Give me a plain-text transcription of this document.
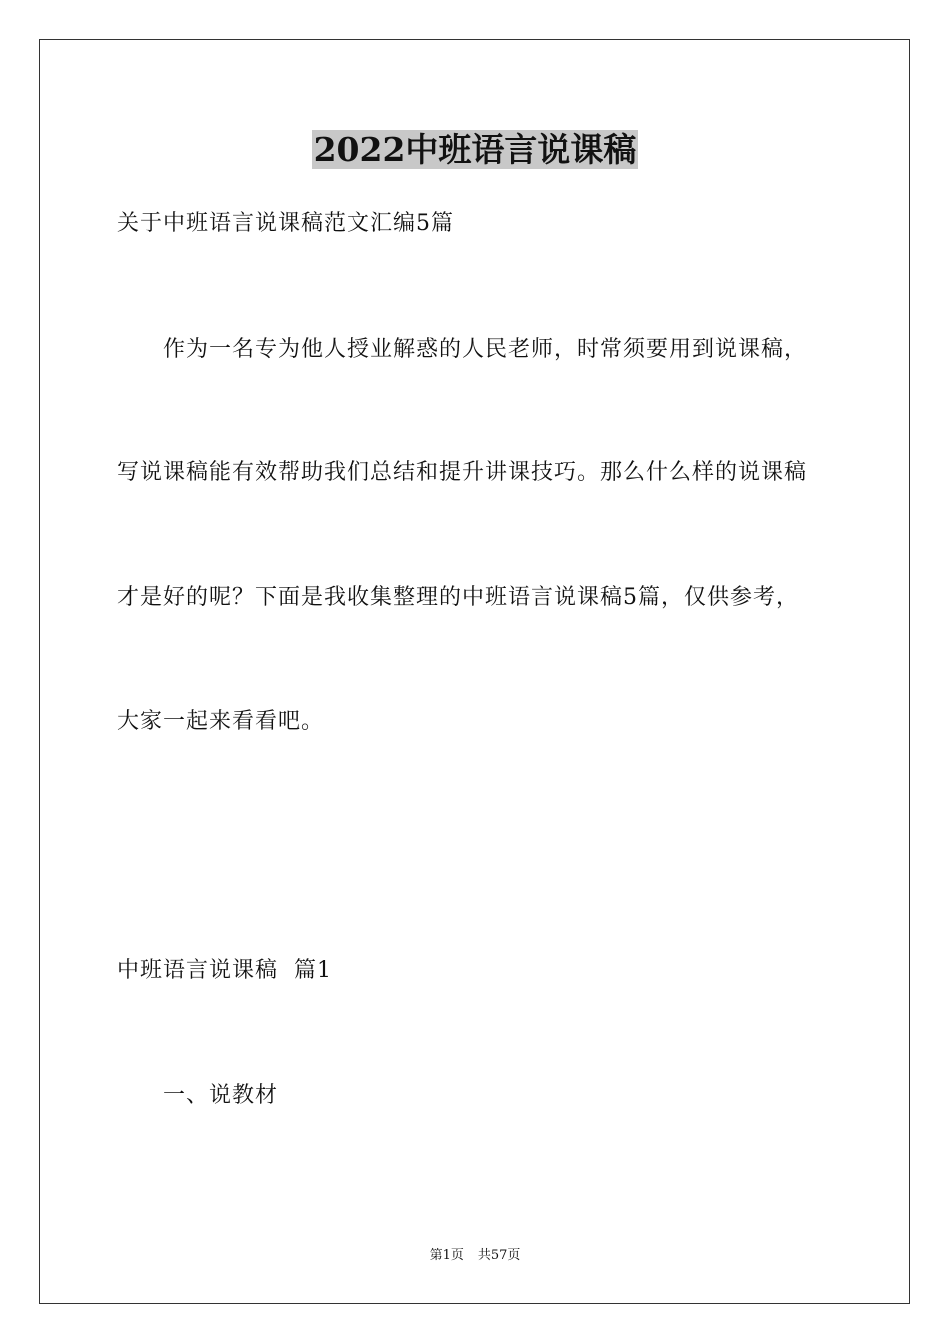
2022中班语言说课稿
关于中班语言说课稿范文汇编5篇
作为一名专为他人授业解惑的人民老师，时常须要用到说课稿，
写说课稿能有效帮助我们总结和提升讲课技巧。那么什么样的说课稿
才是好的呢？下面是我收集整理的中班语言说课稿5篇，仅供参考，
大家一起来看看吧。
中班语言说课稿  篇1
一、说教材
第1页 共57页
